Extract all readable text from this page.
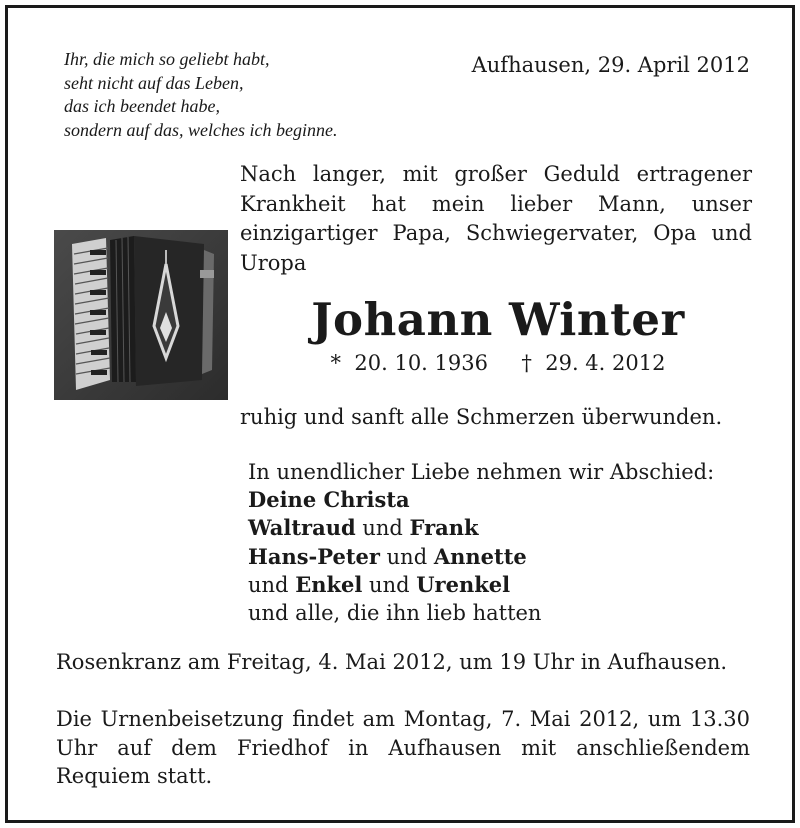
Ihr, die mich so geliebt habt,
seht nicht auf das Leben,
das ich beendet habe,
sondern auf das, welches ich beginne.
Aufhausen, 29. April 2012
Nach langer, mit großer Geduld ertragener Krankheit hat mein lieber Mann, unser einzigartiger Papa, Schwiegervater, Opa und Uropa
Johann Winter
* 20. 10. 1936 † 29. 4. 2012
ruhig und sanft alle Schmerzen überwunden.
In unendlicher Liebe nehmen wir Abschied:
Deine Christa
Waltraud und Frank
Hans-Peter und Annette
und Enkel und Urenkel
und alle, die ihn lieb hatten
Rosenkranz am Freitag, 4. Mai 2012, um 19 Uhr in Aufhausen.
Die Urnenbeisetzung findet am Montag, 7. Mai 2012, um 13.30 Uhr auf dem Friedhof in Aufhausen mit anschließendem Requiem statt.
